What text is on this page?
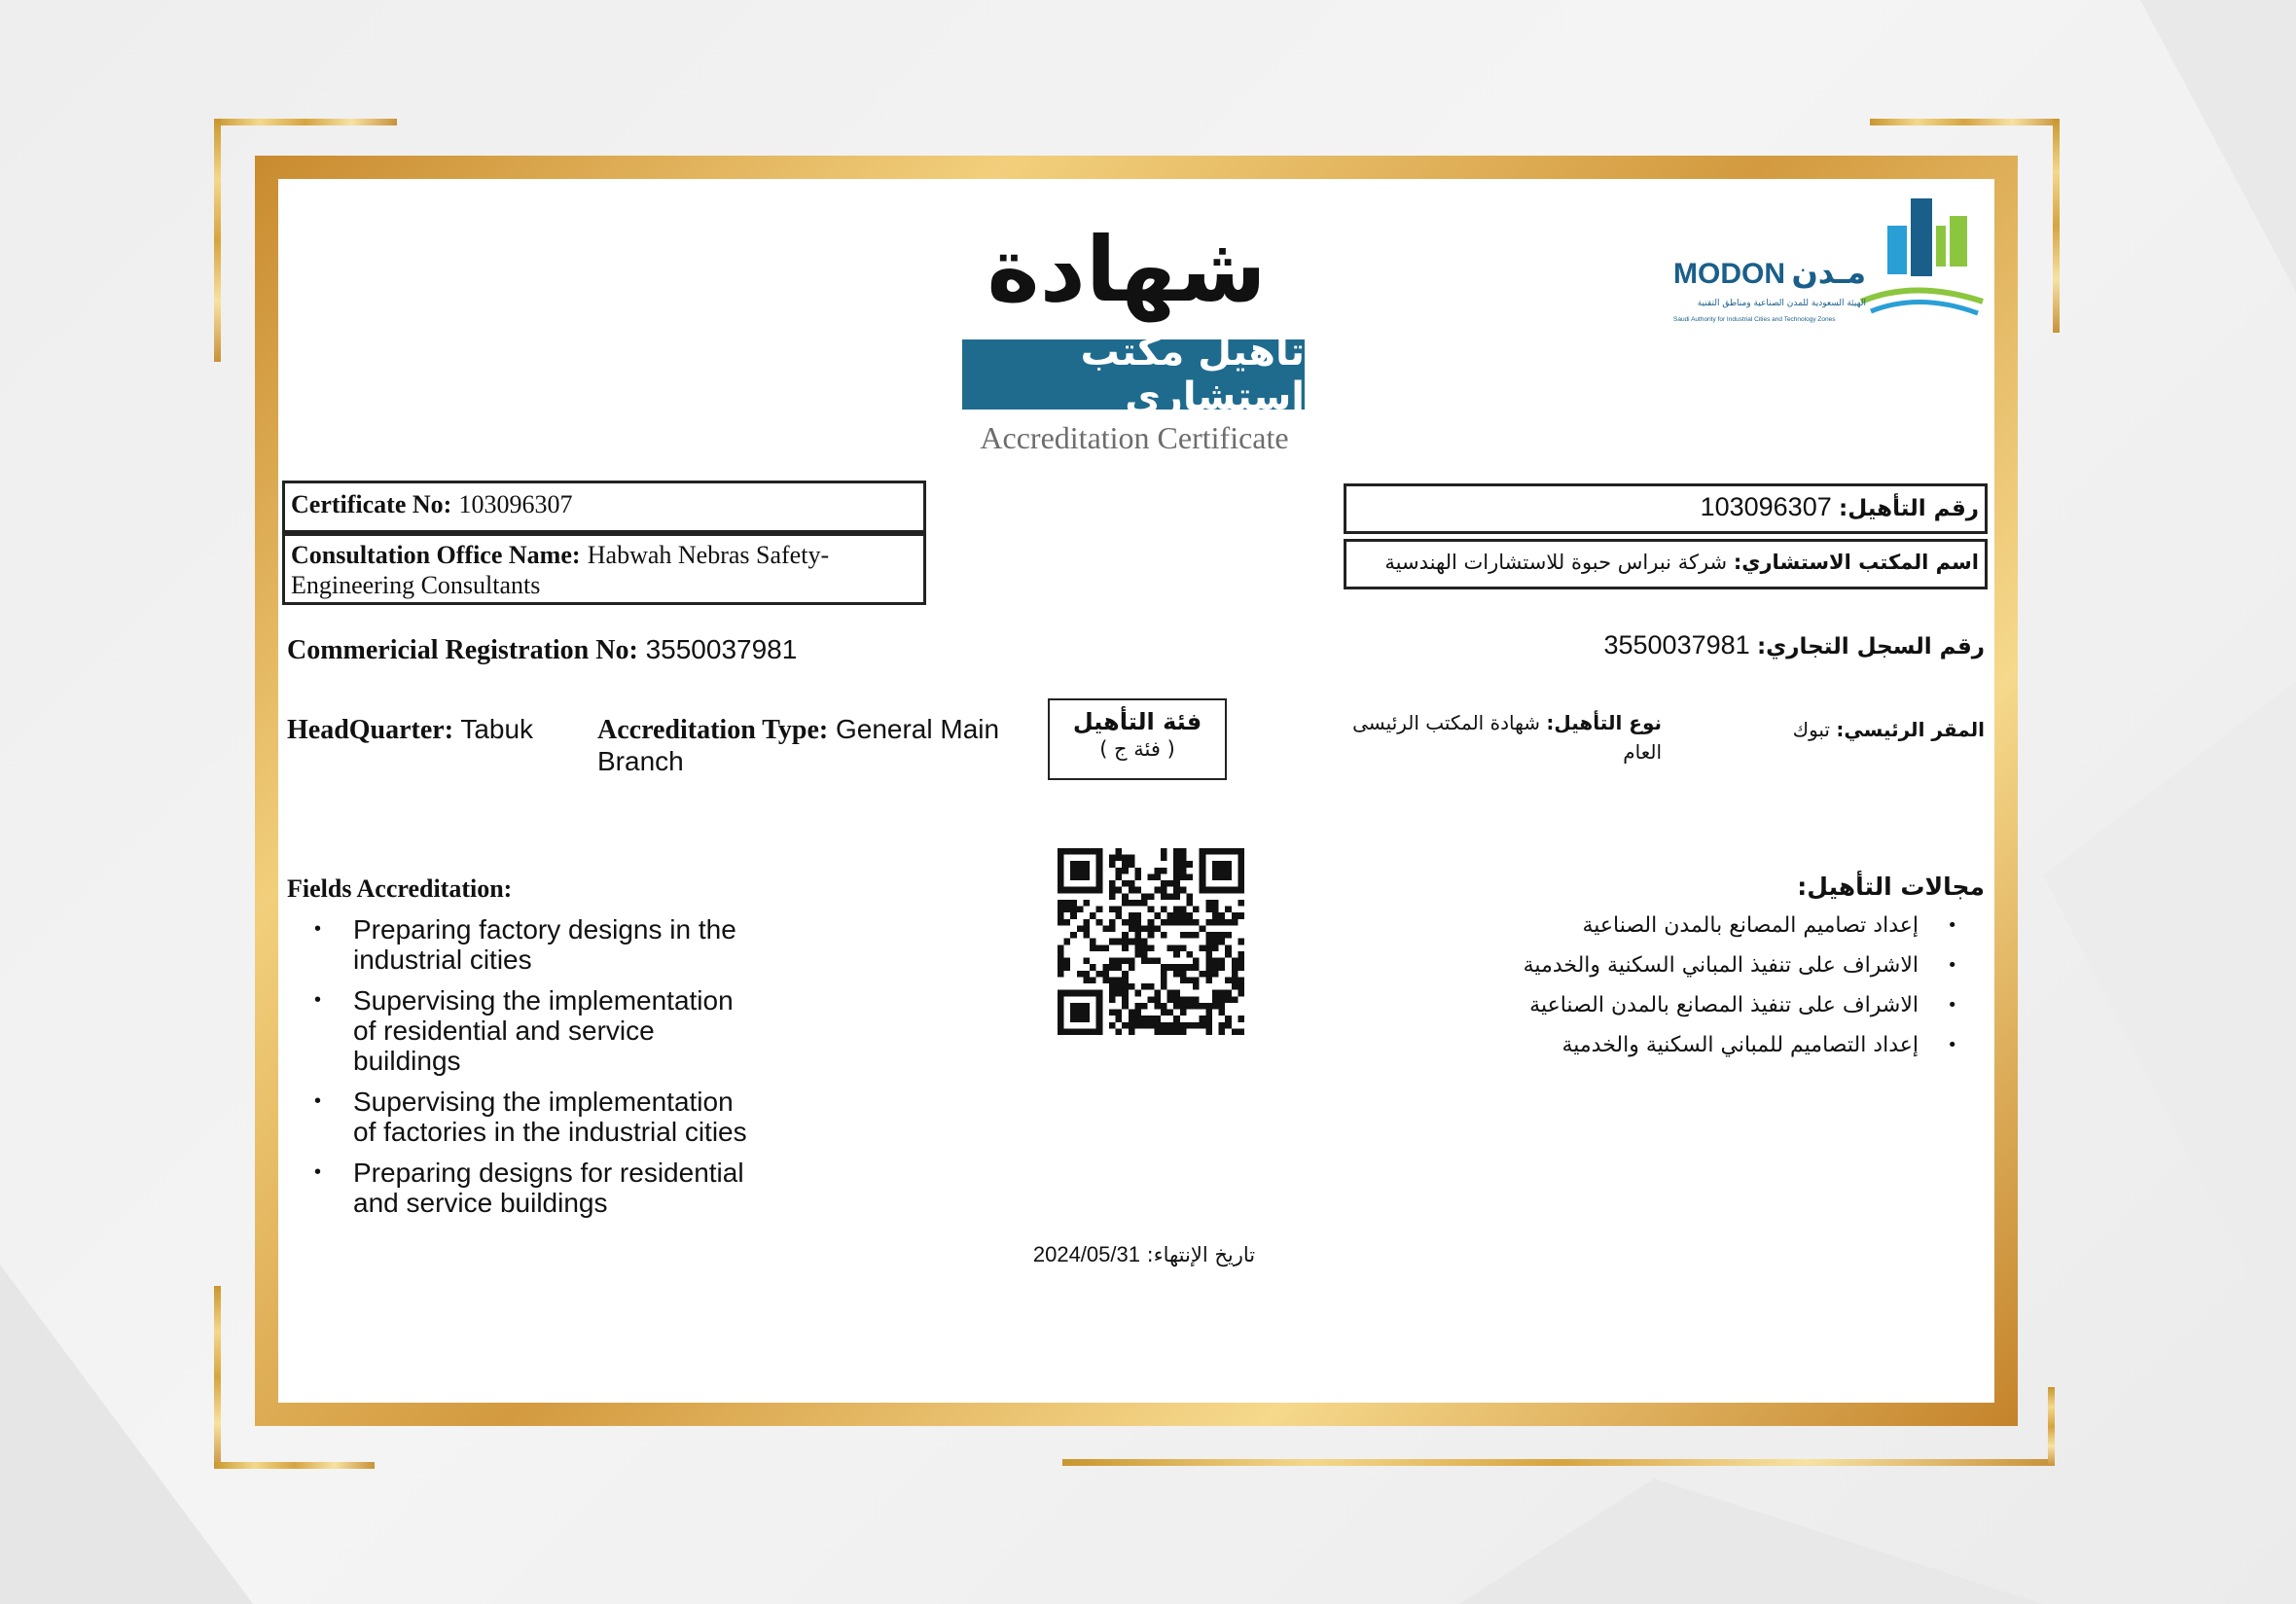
MODON مـدن
الهيئة السعودية للمدن الصناعية ومناطق التقنية
Saudi Authority for Industrial Cities and Technology Zones
شهادة
تأهيل مكتب استشاري
Accreditation Certificate
Certificate No: 103096307
Consultation Office Name: Habwah Nebras Safety-
Engineering Consultants
رقم التأهيل: 103096307
اسم المكتب الاستشاري: شركة نبراس حبوة للاستشارات الهندسية
Commericial Registration No: 3550037981	رقم السجل التجاري: 3550037981
HeadQuarter: Tabuk Accreditation Type: General Main
Branch
فئة التأهيل
( فئة ج )
نوع التأهيل: شهادة المكتب الرئيسى
العام
المقر الرئيسي: تبوك
Fields Accreditation:
• Preparing factory designs in the
industrial cities
• Supervising the implementation
of residential and service
buildings
• Supervising the implementation
of factories in the industrial cities
• Preparing designs for residential
and service buildings
مجالات التأهيل:
•
إعداد تصاميم المصانع بالمدن الصناعية
•
الاشراف على تنفيذ المباني السكنية والخدمية
•
الاشراف على تنفيذ المصانع بالمدن الصناعية
•
إعداد التصاميم للمباني السكنية والخدمية
تاريخ الإنتهاء: 2024/05/31
